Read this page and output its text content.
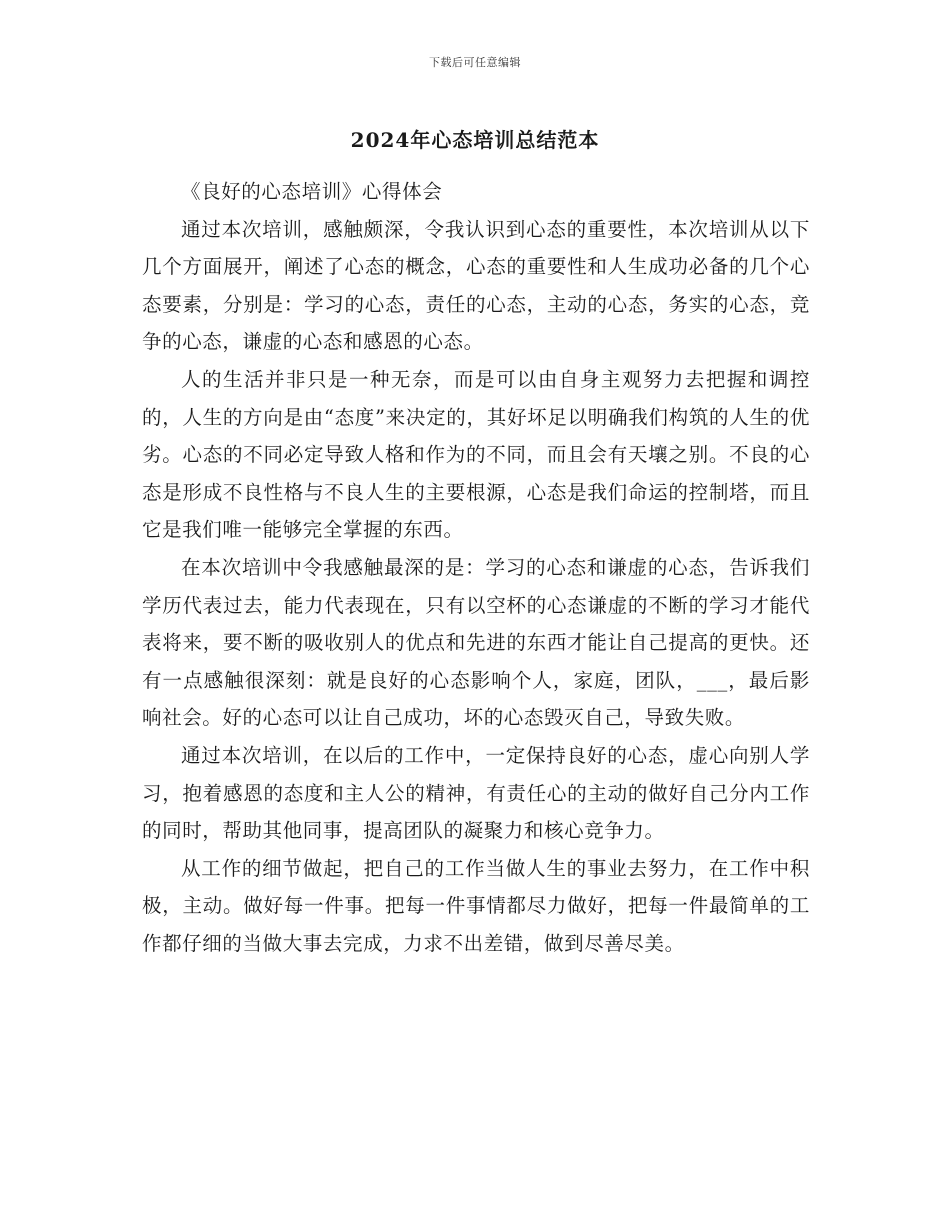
下载后可任意编辑
2024年心态培训总结范本

《良好的心态培训》心得体会

通过本次培训，感触颇深，令我认识到心态的重要性，本次培训从以下几个方面展开，阐述了心态的概念，心态的重要性和人生成功必备的几个心态要素，分别是：学习的心态，责任的心态，主动的心态，务实的心态，竞争的心态，谦虚的心态和感恩的心态。

人的生活并非只是一种无奈，而是可以由自身主观努力去把握和调控的，人生的方向是由“态度”来决定的，其好坏足以明确我们构筑的人生的优劣。心态的不同必定导致人格和作为的不同，而且会有天壤之别。不良的心态是形成不良性格与不良人生的主要根源，心态是我们命运的控制塔，而且它是我们唯一能够完全掌握的东西。

在本次培训中令我感触最深的是：学习的心态和谦虚的心态，告诉我们学历代表过去，能力代表现在，只有以空杯的心态谦虚的不断的学习才能代表将来，要不断的吸收别人的优点和先进的东西才能让自己提高的更快。还有一点感触很深刻：就是良好的心态影响个人，家庭，团队，___，最后影响社会。好的心态可以让自己成功，坏的心态毁灭自己，导致失败。

通过本次培训，在以后的工作中，一定保持良好的心态，虚心向别人学习，抱着感恩的态度和主人公的精神，有责任心的主动的做好自己分内工作的同时，帮助其他同事，提高团队的凝聚力和核心竞争力。

从工作的细节做起，把自己的工作当做人生的事业去努力，在工作中积极，主动。做好每一件事。把每一件事情都尽力做好，把每一件最简单的工作都仔细的当做大事去完成，力求不出差错，做到尽善尽美。
